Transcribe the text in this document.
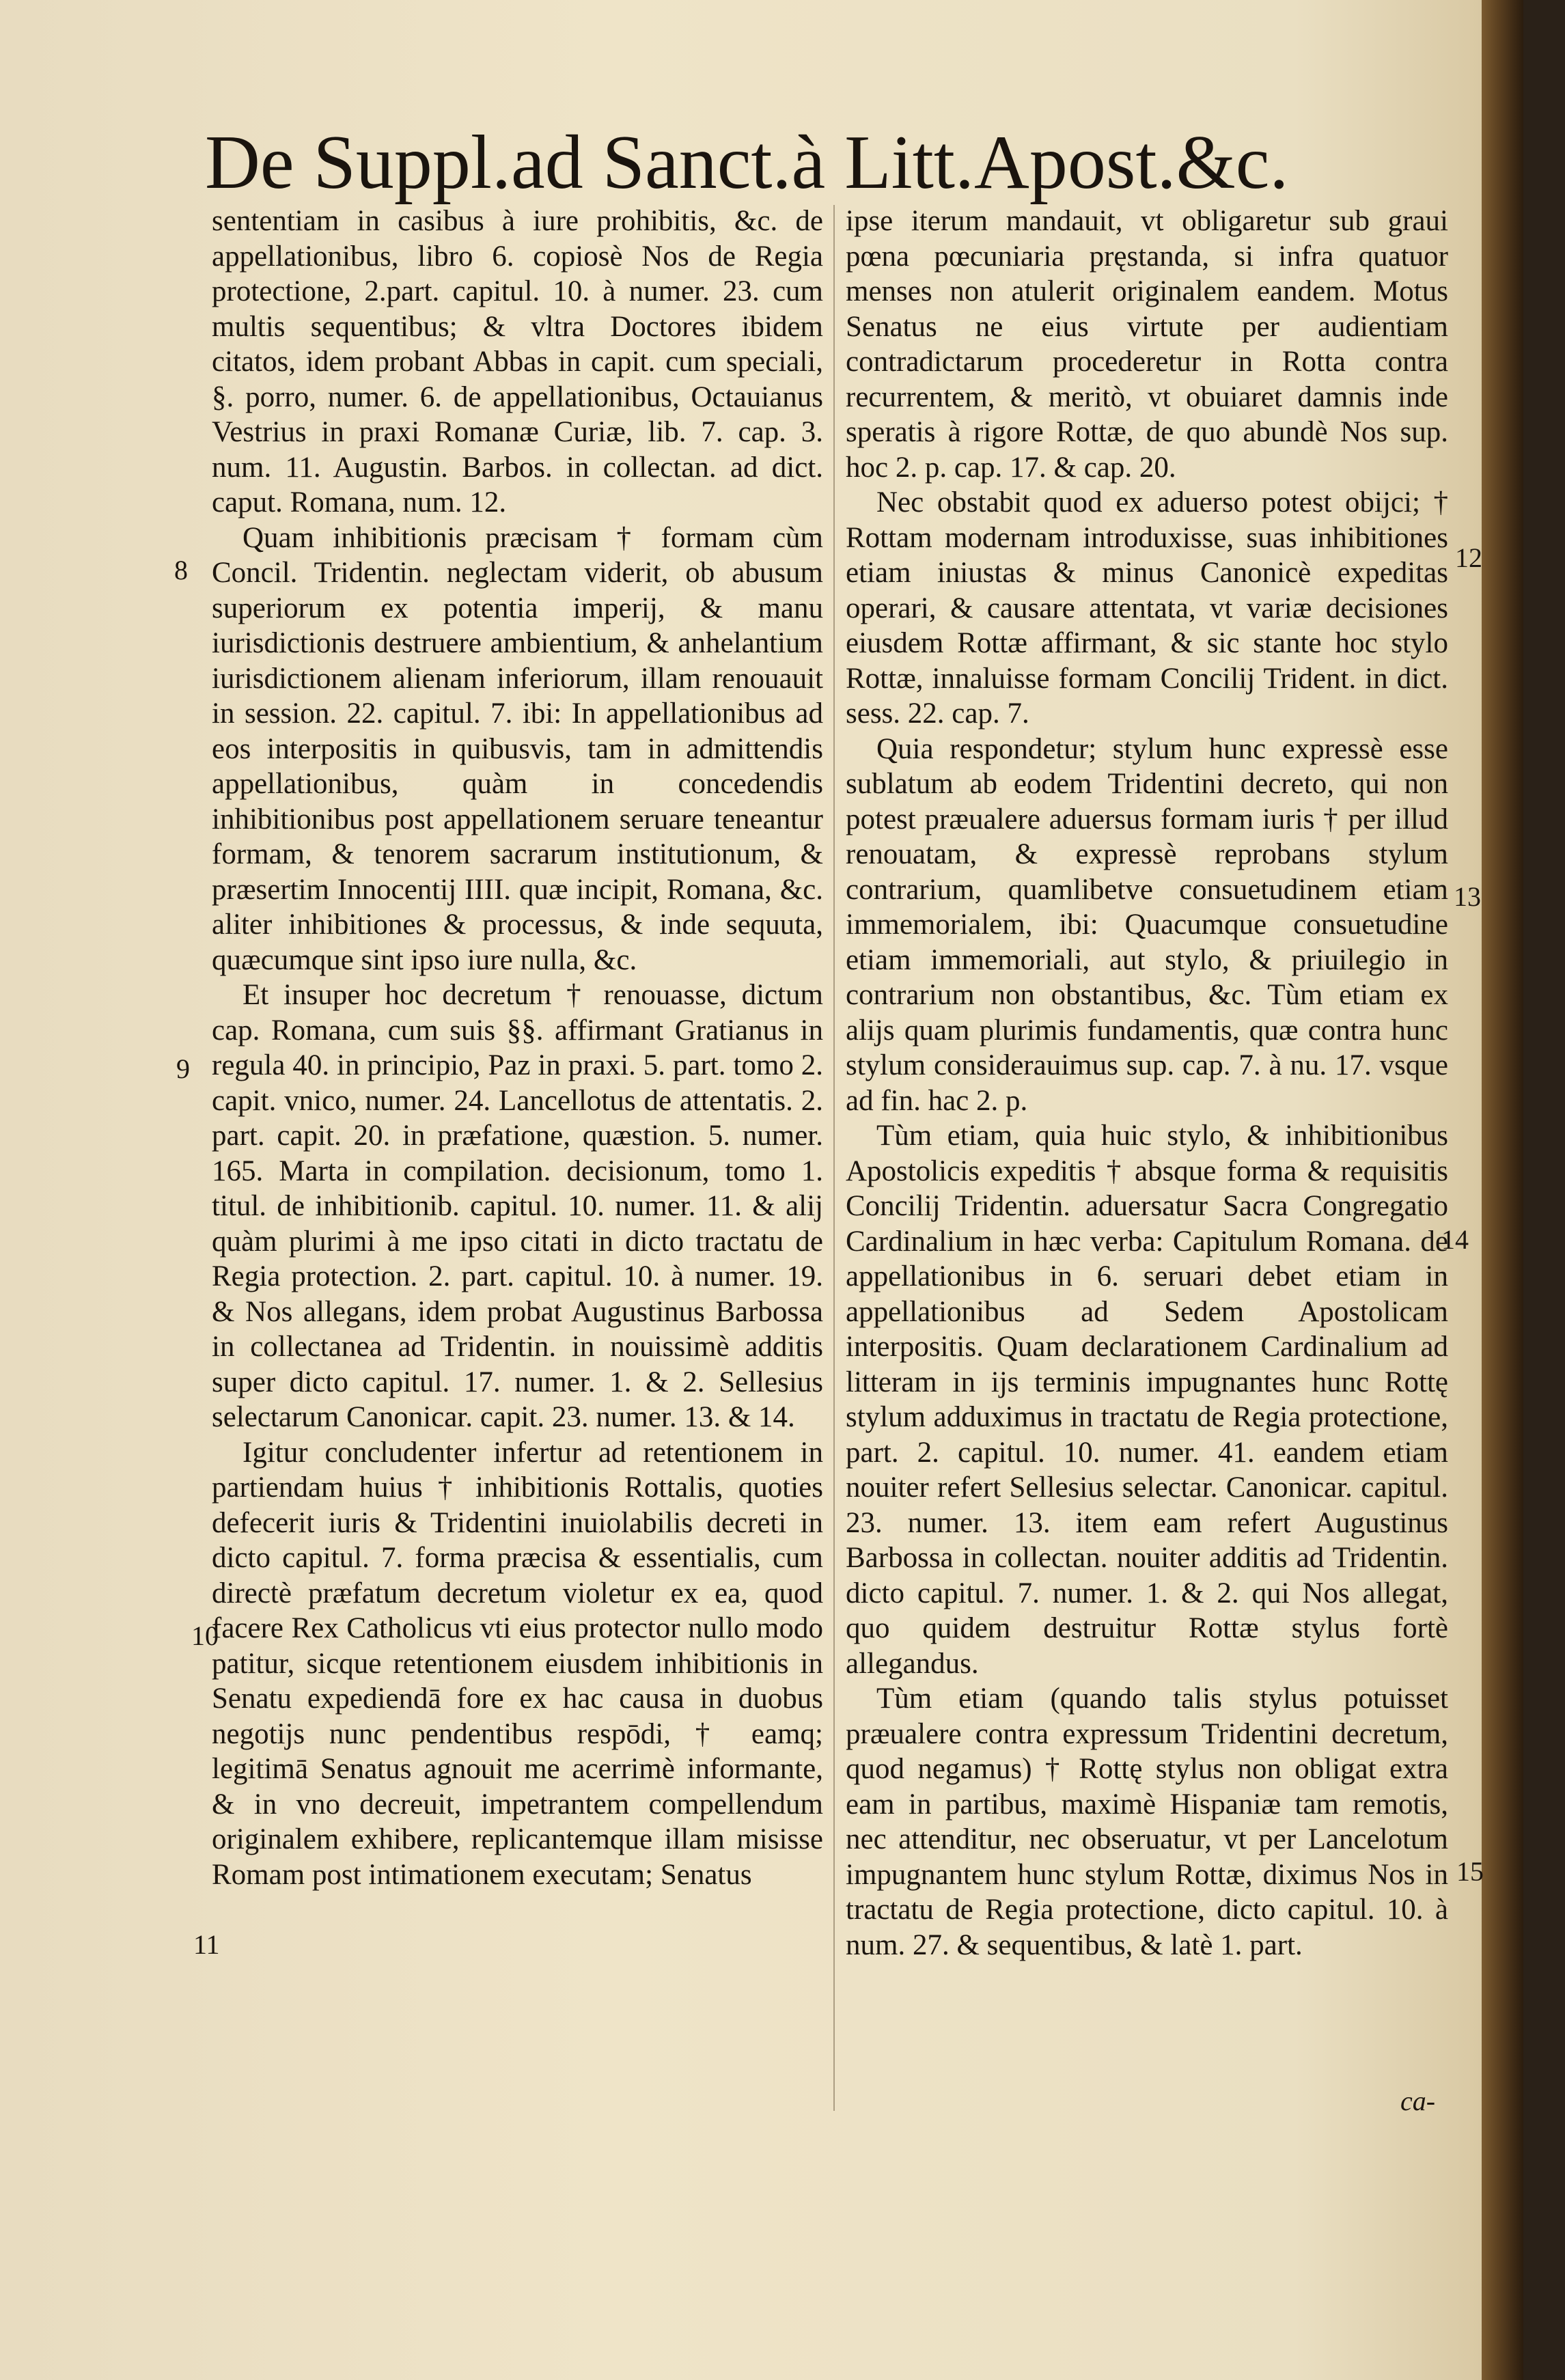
De Suppl.ad Sanct.à Litt.Apost.&c.

sententiam in casibus à iure prohibitis, &c. de appellationibus, libro 6. copiosè Nos de Regia protectione, 2.part. capitul. 10. à numer. 23. cum multis sequentibus; & vltra Doctores ibidem citatos, idem probant Abbas in capit. cum speciali, §. porro, numer. 6. de appellationibus, Octauianus Vestrius in praxi Romanæ Curiæ, lib. 7. cap. 3. num. 11. Augustin. Barbos. in collectan. ad dict. caput. Romana, num. 12.

Quam inhibitionis præcisam † formam cùm Concil. Tridentin. neglectam viderit, ob abusum superiorum ex potentia imperij, & manu iurisdictionis destruere ambientium, & anhelantium iurisdictionem alienam inferiorum, illam renouauit in session. 22. capitul. 7. ibi: In appellationibus ad eos interpositis in quibusvis, tam in admittendis appellationibus, quàm in concedendis inhibitionibus post appellationem seruare teneantur formam, & tenorem sacrarum institutionum, & præsertim Innocentij IIII. quæ incipit, Romana, &c. aliter inhibitiones & processus, & inde sequuta, quæcumque sint ipso iure nulla, &c.

Et insuper hoc decretum † renouasse, dictum cap. Romana, cum suis §§. affirmant Gratianus in regula 40. in principio, Paz in praxi. 5. part. tomo 2. capit. vnico, numer. 24. Lancellotus de attentatis. 2. part. capit. 20. in præfatione, quæstion. 5. numer. 165. Marta in compilation. decisionum, tomo 1. titul. de inhibitionib. capitul. 10. numer. 11. & alij quàm plurimi à me ipso citati in dicto tractatu de Regia protection. 2. part. capitul. 10. à numer. 19. & Nos allegans, idem probat Augustinus Barbossa in collectanea ad Tridentin. in nouissimè additis super dicto capitul. 17. numer. 1. & 2. Sellesius selectarum Canonicar. capit. 23. numer. 13. & 14.

Igitur concludenter infertur ad retentionem in partiendam huius † inhibitionis Rottalis, quoties defecerit iuris & Tridentini inuiolabilis decreti in dicto capitul. 7. forma præcisa & essentialis, cum directè præfatum decretum violetur ex ea, quod facere Rex Catholicus vti eius protector nullo modo patitur, sicque retentionem eiusdem inhibitionis in Senatu expediendā fore ex hac causa in duobus negotijs nunc pendentibus respōdi, † eamq; legitimā Senatus agnouit me acerrimè informante, & in vno decreuit, impetrantem compellendum originalem exhibere, replicantemque illam misisse Romam post intimationem executam; Senatus

ipse iterum mandauit, vt obligaretur sub graui pœna pœcuniaria pręstanda, si infra quatuor menses non atulerit originalem eandem. Motus Senatus ne eius virtute per audientiam contradictarum procederetur in Rotta contra recurrentem, & meritò, vt obuiaret damnis inde speratis à rigore Rottæ, de quo abundè Nos sup. hoc 2. p. cap. 17. & cap. 20.

Nec obstabit quod ex aduerso potest obijci; † Rottam modernam introduxisse, suas inhibitiones etiam iniustas & minus Canonicè expeditas operari, & causare attentata, vt variæ decisiones eiusdem Rottæ affirmant, & sic stante hoc stylo Rottæ, innaluisse formam Concilij Trident. in dict. sess. 22. cap. 7.

Quia respondetur; stylum hunc expressè esse sublatum ab eodem Tridentini decreto, qui non potest præualere aduersus formam iuris † per illud renouatam, & expressè reprobans stylum contrarium, quamlibetve consuetudinem etiam immemorialem, ibi: Quacumque consuetudine etiam immemoriali, aut stylo, & priuilegio in contrarium non obstantibus, &c. Tùm etiam ex alijs quam plurimis fundamentis, quæ contra hunc stylum considerauimus sup. cap. 7. à nu. 17. vsque ad fin. hac 2. p.

Tùm etiam, quia huic stylo, & inhibitionibus Apostolicis expeditis † absque forma & requisitis Concilij Tridentin. aduersatur Sacra Congregatio Cardinalium in hæc verba: Capitulum Romana. de appellationibus in 6. seruari debet etiam in appellationibus ad Sedem Apostolicam interpositis. Quam declarationem Cardinalium ad litteram in ijs terminis impugnantes hunc Rottę stylum adduximus in tractatu de Regia protectione, part. 2. capitul. 10. numer. 41. eandem etiam nouiter refert Sellesius selectar. Canonicar. capitul. 23. numer. 13. item eam refert Augustinus Barbossa in collectan. nouiter additis ad Tridentin. dicto capitul. 7. numer. 1. & 2. qui Nos allegat, quo quidem destruitur Rottæ stylus fortè allegandus.

Tùm etiam (quando talis stylus potuisset præualere contra expressum Tridentini decretum, quod negamus) † Rottę stylus non obligat extra eam in partibus, maximè Hispaniæ tam remotis, nec attenditur, nec obseruatur, vt per Lancelotum impugnantem hunc stylum Rottæ, diximus Nos in tractatu de Regia protectione, dicto capitul. 10. à num. 27. & sequentibus, & latè 1. part.

8
9
10
11
12
13
14
15
ca-
